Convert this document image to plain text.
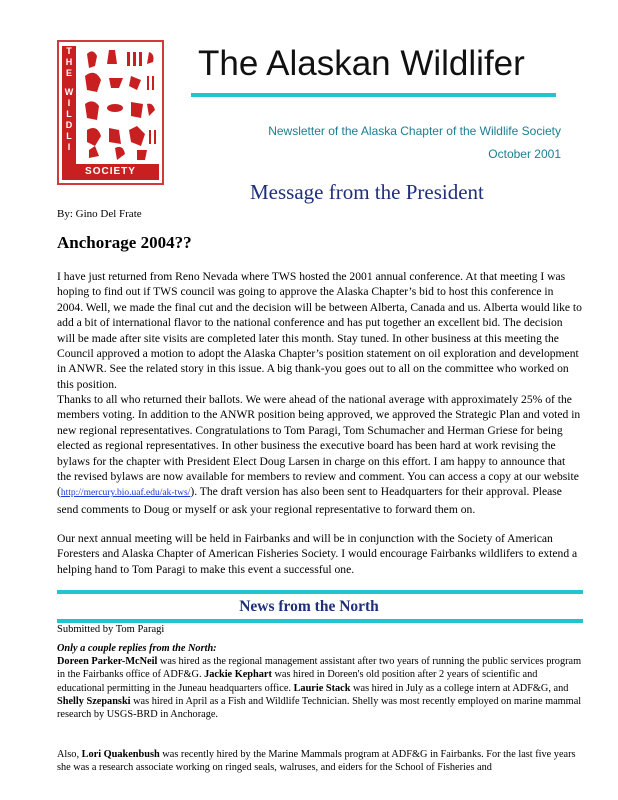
T
H
E
W
I
L
D
L
I
SOCIETY
The Alaskan Wildlifer
Newsletter of the Alaska Chapter of the Wildlife Society
October 2001
Message from the President
By: Gino Del Frate
Anchorage 2004??
I have just returned from Reno Nevada where TWS hosted the 2001 annual conference. At that meeting I was hoping to find out if TWS council was going to approve the Alaska Chapter’s bid to host this conference in 2004. Well, we made the final cut and the decision will be between Alberta, Canada and us. Alberta would like to add a bit of international flavor to the national conference and has put together an excellent bid. The decision will be made after site visits are completed later this month. Stay tuned. In other business at this meeting the Council approved a motion to adopt the Alaska Chapter’s position statement on oil exploration and development in ANWR. See the related story in this issue. A big thank-you goes out to all on the committee who worked on this position.
Thanks to all who returned their ballots. We were ahead of the national average with approximately 25% of the members voting. In addition to the ANWR position being approved, we approved the Strategic Plan and voted in new regional representatives. Congratulations to Tom Paragi, Tom Schumacher and Herman Griese for being elected as regional representatives. In other business the executive board has been hard at work revising the bylaws for the chapter with President Elect Doug Larsen in charge on this effort. I am happy to announce that the revised bylaws are now available for members to review and comment. You can access a copy at our website (http://mercury.bio.uaf.edu/ak-tws/). The draft version has also been sent to Headquarters for their approval. Please send comments to Doug or myself or ask your regional representative to forward them on.
Our next annual meeting will be held in Fairbanks and will be in conjunction with the Society of American Foresters and Alaska Chapter of American Fisheries Society. I would encourage Fairbanks wildlifers to extend a helping hand to Tom Paragi to make this event a successful one.
News from the North
Submitted by Tom Paragi
Only a couple replies from the North:
Doreen Parker-McNeil was hired as the regional management assistant after two years of running the public services program in the Fairbanks office of ADF&G. Jackie Kephart was hired in Doreen's old position after 2 years of scientific and educational permitting in the Juneau headquarters office. Laurie Stack was hired in July as a college intern at ADF&G, and Shelly Szepanski was hired in April as a Fish and Wildlife Technician. Shelly was most recently employed on marine mammal research by USGS-BRD in Anchorage.
Also, Lori Quakenbush was recently hired by the Marine Mammals program at ADF&G in Fairbanks. For the last five years she was a research associate working on ringed seals, walruses, and eiders for the School of Fisheries and
